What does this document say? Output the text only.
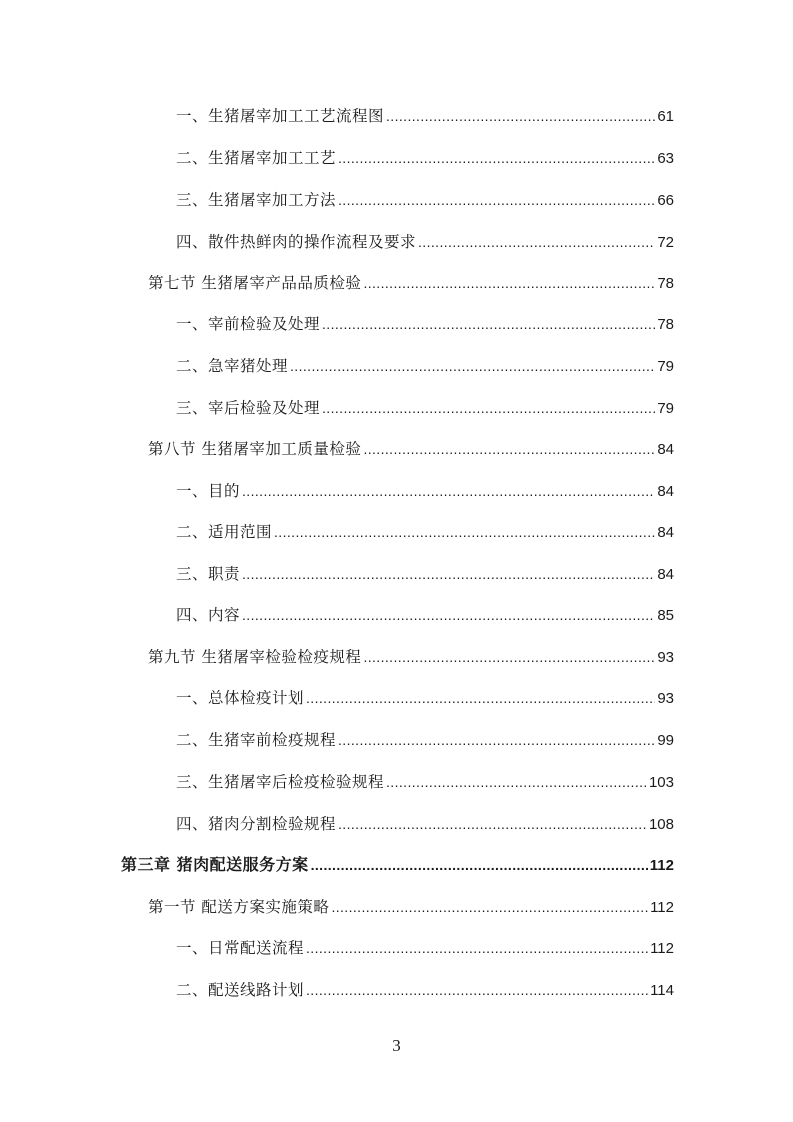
一、生猪屠宰加工工艺流程图 .....	61
二、生猪屠宰加工工艺 .....	63
三、生猪屠宰加工方法 .....	66
四、散件热鲜肉的操作流程及要求 .....	72
第七节 生猪屠宰产品品质检验 .....	78
一、宰前检验及处理 .....	78
二、急宰猪处理 .....	79
三、宰后检验及处理 .....	79
第八节 生猪屠宰加工质量检验 .....	84
一、目的 .....	84
二、适用范围 .....	84
三、职责 .....	84
四、内容 .....	85
第九节 生猪屠宰检验检疫规程 .....	93
一、总体检疫计划 .....	93
二、生猪宰前检疫规程 .....	99
三、生猪屠宰后检疫检验规程 .....	103
四、猪肉分割检验规程 .....	108
第三章 猪肉配送服务方案 .....	112
第一节 配送方案实施策略 .....	112
一、日常配送流程 .....	112
二、配送线路计划 .....	114
3
